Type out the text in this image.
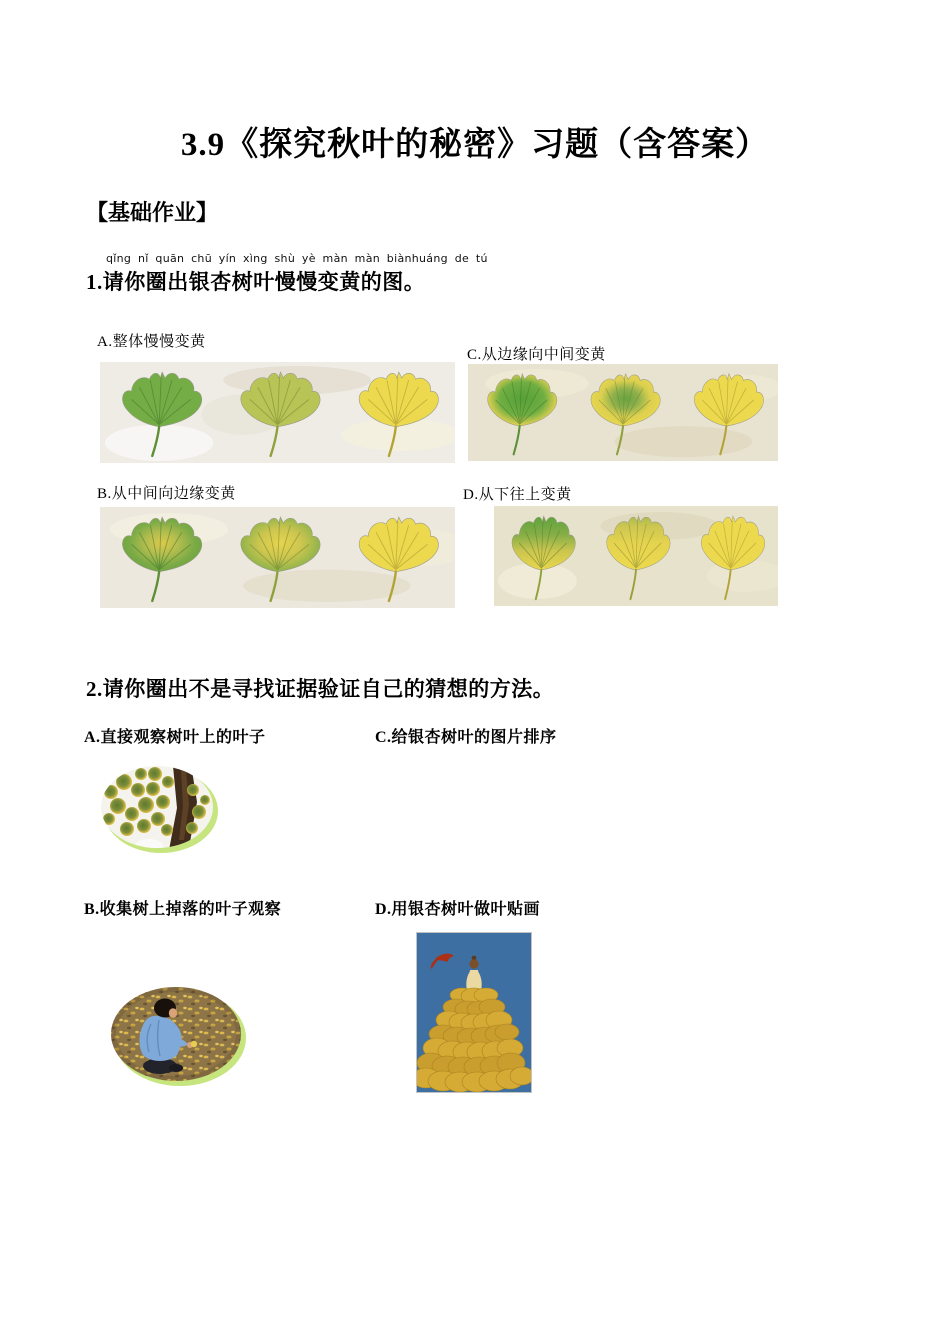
3.9《探究秋叶的秘密》习题（含答案）
【基础作业】
qǐng nǐ quān chū yín xìng shù yè màn màn biànhuáng de tú
1.请你圈出银杏树叶慢慢变黄的图。
A.整体慢慢变黄
C.从边缘向中间变黄
B.从中间向边缘变黄	D.从下往上变黄
2.请你圈出不是寻找证据验证自己的猜想的方法。
A.直接观察树叶上的叶子	C.给银杏树叶的图片排序
B.收集树上掉落的叶子观察	D.用银杏树叶做叶贴画
